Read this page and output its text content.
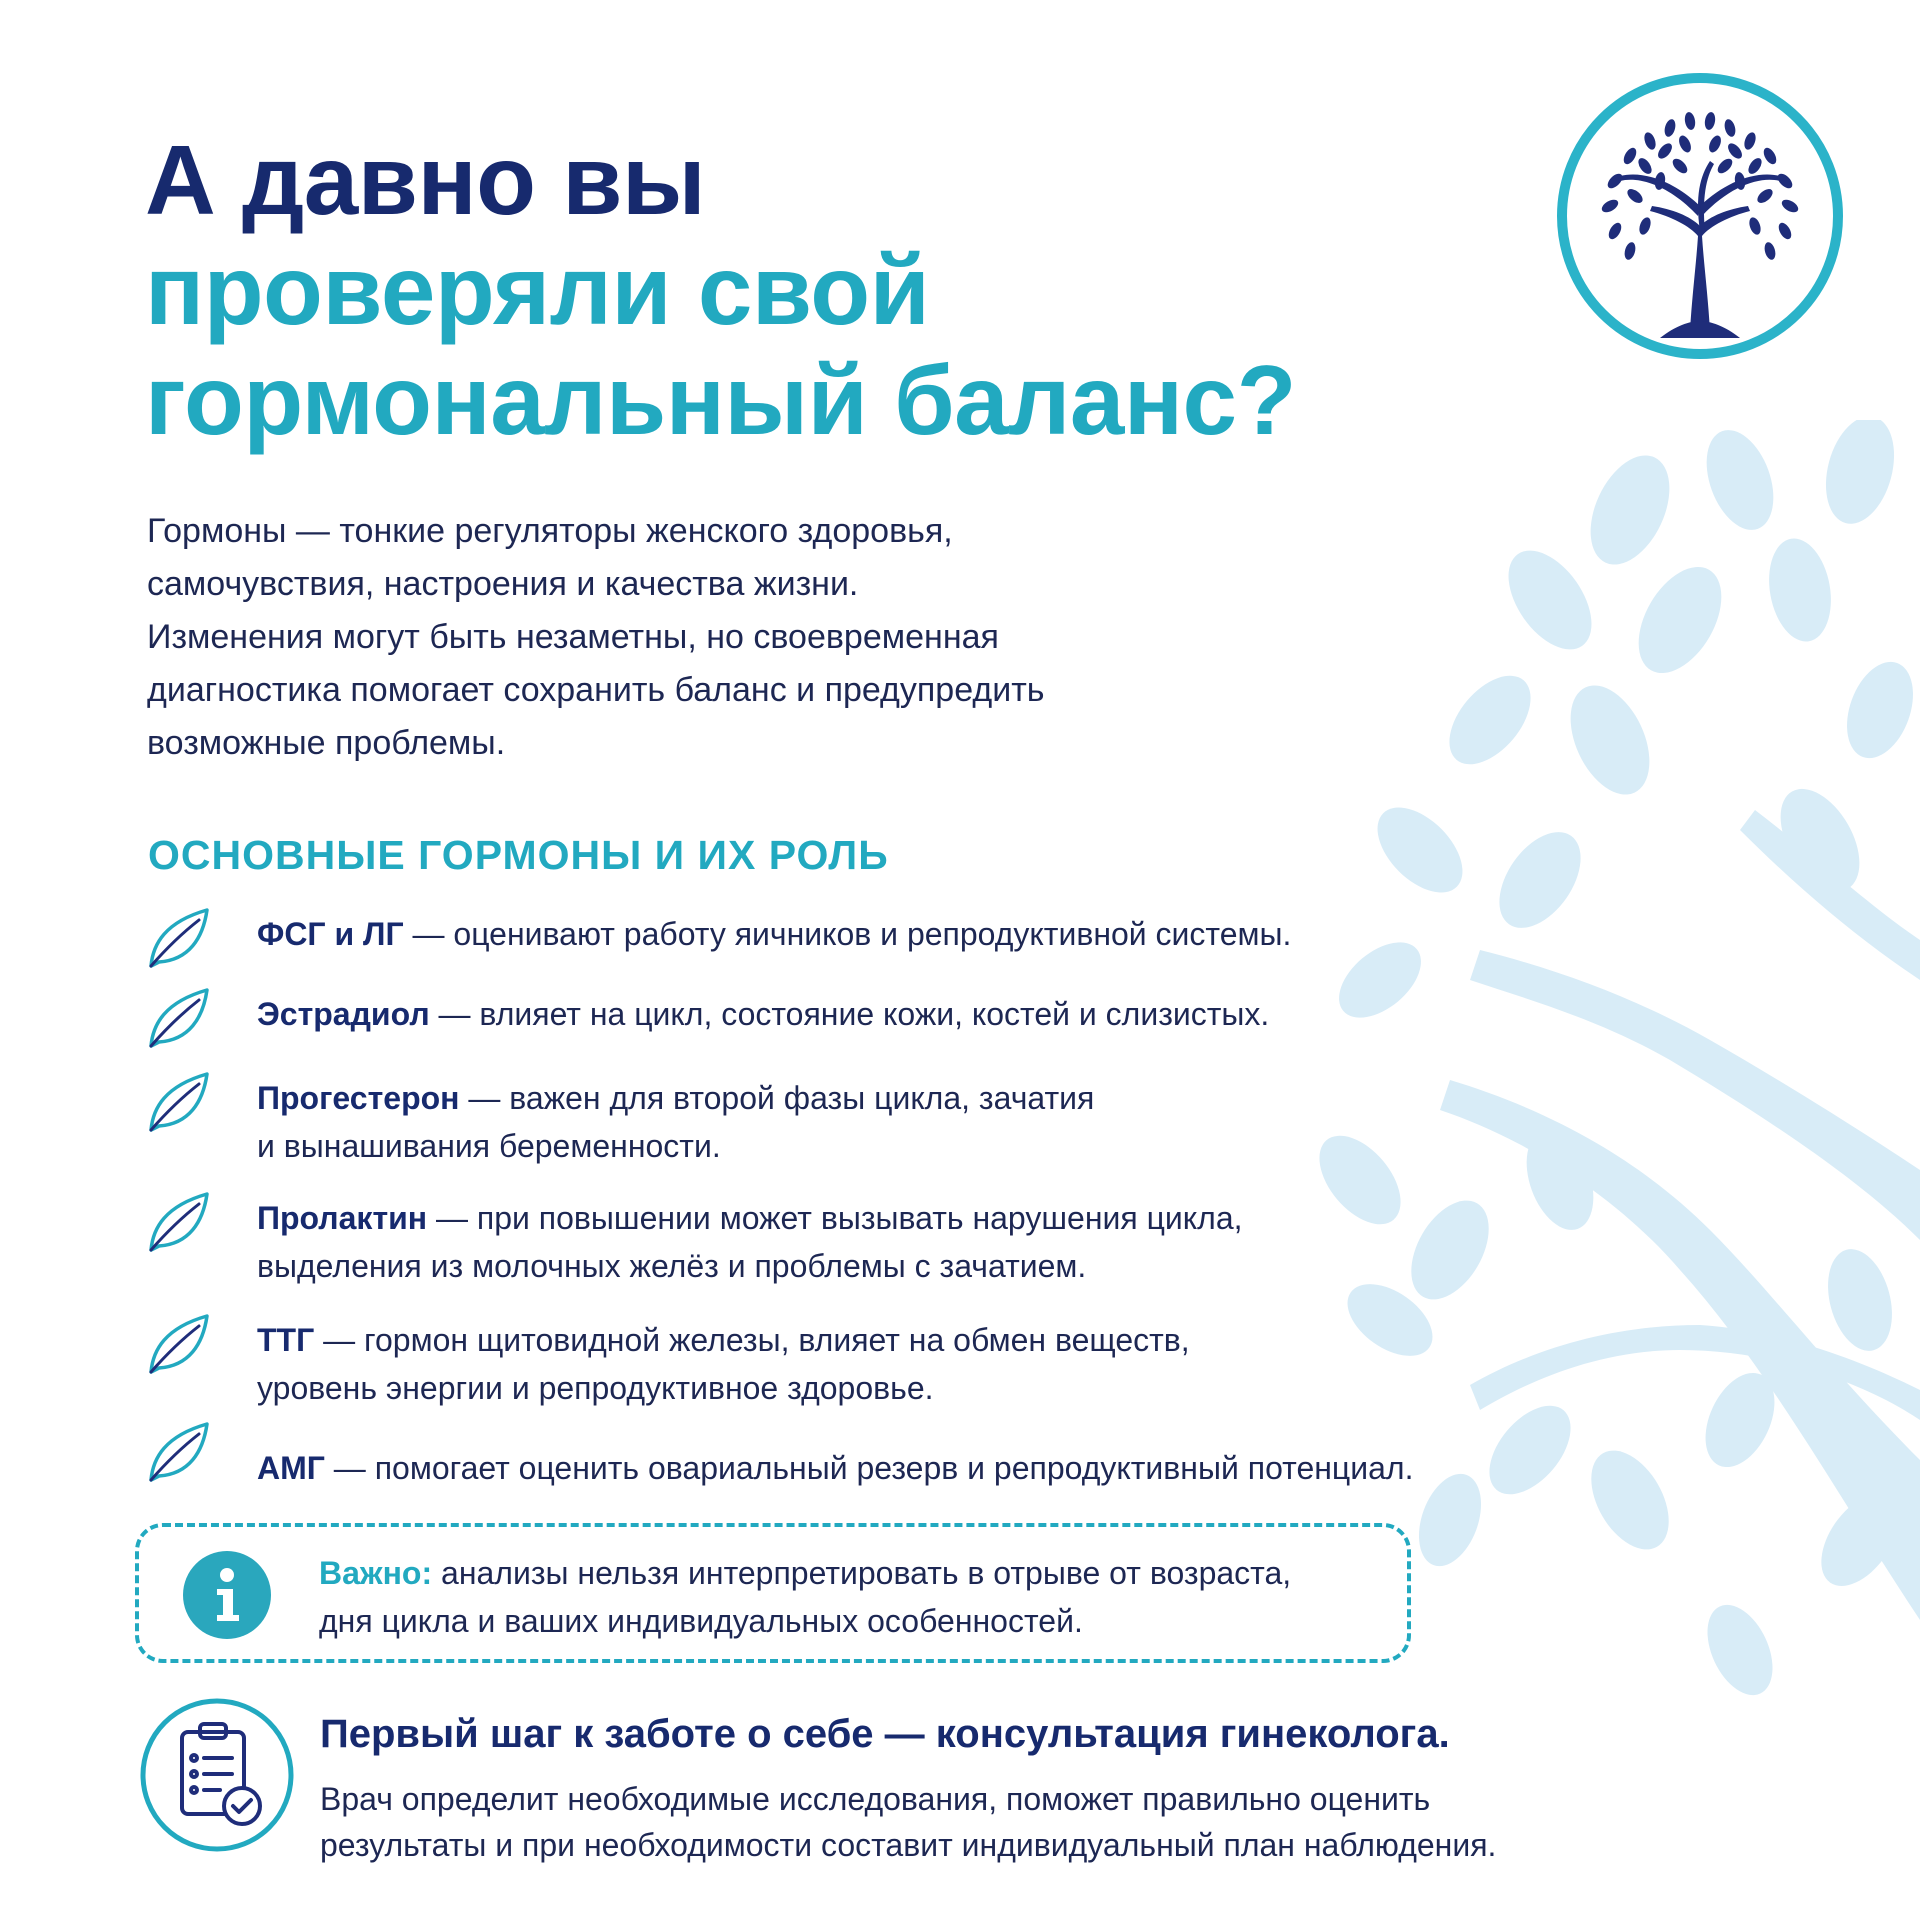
А давно вы
проверяли свой
гормональный баланс?

Гормоны — тонкие регуляторы женского здоровья,
самочувствия, настроения и качества жизни.
Изменения могут быть незаметны, но своевременная
диагностика помогает сохранить баланс и предупредить
возможные проблемы.

ОСНОВНЫЕ ГОРМОНЫ И ИХ РОЛЬ
ФСГ и ЛГ — оценивают работу яичников и репродуктивной системы.
Эстрадиол — влияет на цикл, состояние кожи, костей и слизистых.
Прогестерон — важен для второй фазы цикла, зачатия
и вынашивания беременности.
Пролактин — при повышении может вызывать нарушения цикла,
выделения из молочных желёз и проблемы с зачатием.
ТТГ — гормон щитовидной железы, влияет на обмен веществ,
уровень энергии и репродуктивное здоровье.
АМГ — помогает оценить овариальный резерв и репродуктивный потенциал.
Важно: анализы нельзя интерпретировать в отрыве от возраста,
дня цикла и ваших индивидуальных особенностей.
Первый шаг к заботе о себе — консультация гинеколога.

Врач определит необходимые исследования, поможет правильно оценить
результаты и при необходимости составит индивидуальный план наблюдения.
